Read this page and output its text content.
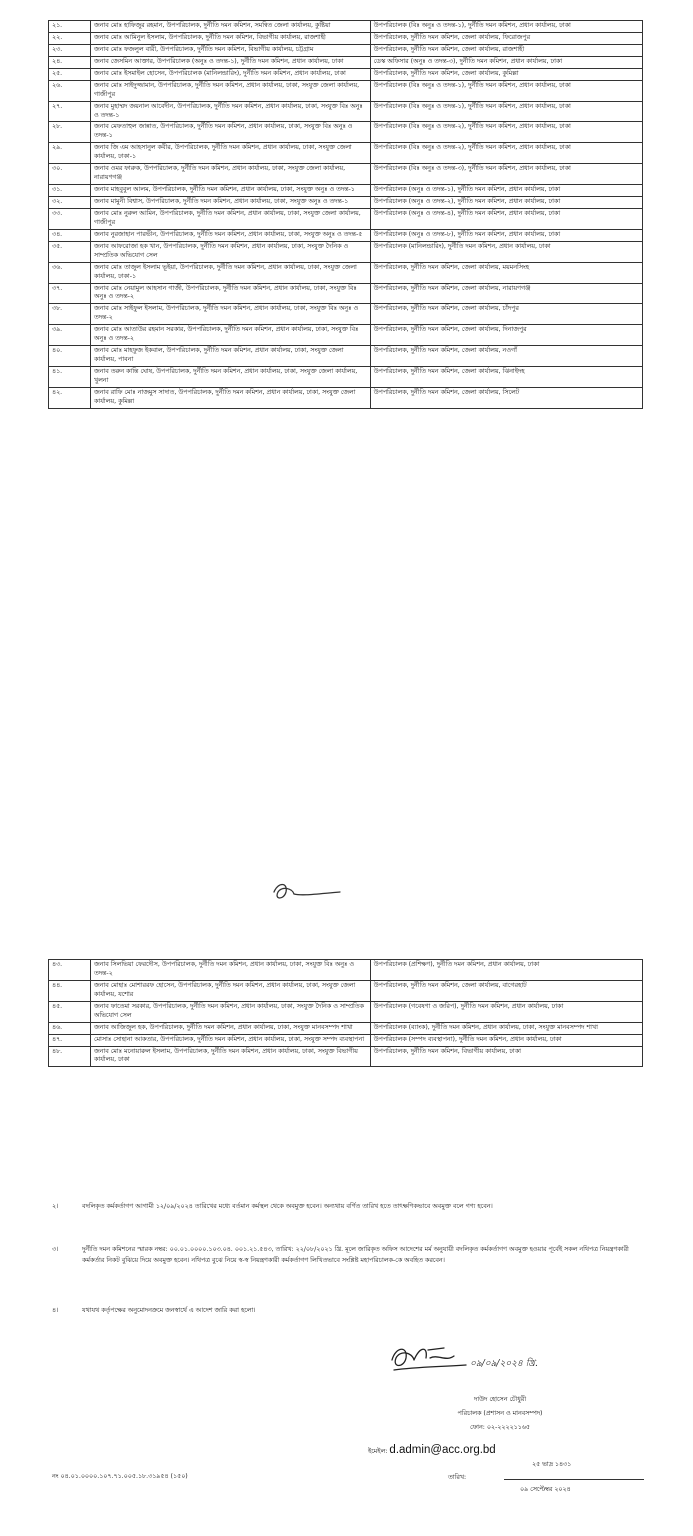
২১.	জনাব মোঃ হাফিজুর রহমান, উপপরিচালক, দুর্নীতি দমন কমিশন, সমন্বিত জেলা কার্যালয়, কুষ্টিয়া	উপপরিচালক (বিঃ অনুঃ ও তদন্ত-১), দুর্নীতি দমন কমিশন, প্রধান কার্যালয়, ঢাকা
২২.	জনাব মোঃ আমিনুল ইসলাম, উপপরিচালক, দুর্নীতি দমন কমিশন, বিভাগীয় কার্যালয়, রাজশাহী	উপপরিচালক, দুর্নীতি দমন কমিশন, জেলা কার্যালয়, ফিরোজপুর
২৩.	জনাব মোঃ ফজলুল বারী, উপপরিচালক, দুর্নীতি দমন কমিশন, বিভাগীয় কার্যালয়, চট্টগ্রাম	উপপরিচালক, দুর্নীতি দমন কমিশন, জেলা কার্যালয়, রাজশাহী
২৪.	জনাব জেসমিন আক্তার, উপপরিচালক (অনুঃ ও তদন্ত-১), দুর্নীতি দমন কমিশন, প্রধান কার্যালয়, ঢাকা	ডেস্ক অফিসার (অনুঃ ও তদন্ত-৩), দুর্নীতি দমন কমিশন, প্রধান কার্যালয়, ঢাকা
২৫.	জনাব মোঃ ইসমাইল হোসেন, উপপরিচালক (মানিলন্ডারিং), দুর্নীতি দমন কমিশন, প্রধান কার্যালয়, ঢাকা	উপপরিচালক, দুর্নীতি দমন কমিশন, জেলা কার্যালয়, কুমিল্লা
২৬.	জনাব মোঃ সাইদুজ্জামান, উপপরিচালক, দুর্নীতি দমন কমিশন, প্রধান কার্যালয়, ঢাকা, সংযুক্ত জেলা কার্যালয়, গাজীপুর	উপপরিচালক (বিঃ অনুঃ ও তদন্ত-১), দুর্নীতি দমন কমিশন, প্রধান কার্যালয়, ঢাকা
২৭.	জনাব মুহাম্মদ জয়নাল আবেদীন, উপপরিচালক, দুর্নীতি দমন কমিশন, প্রধান কার্যালয়, ঢাকা, সংযুক্ত বিঃ অনুঃ ও তদন্ত-১	উপপরিচালক (বিঃ অনুঃ ও তদন্ত-১), দুর্নীতি দমন কমিশন, প্রধান কার্যালয়, ঢাকা
২৮.	জনাব মেফতাহুল জান্নাত, উপপরিচালক, দুর্নীতি দমন কমিশন, প্রধান কার্যালয়, ঢাকা, সংযুক্ত বিঃ অনুঃ ও তদন্ত-১	উপপরিচালক (বিঃ অনুঃ ও তদন্ত-২), দুর্নীতি দমন কমিশন, প্রধান কার্যালয়, ঢাকা
২৯.	জনাব জি এম আহসানুল কবীর, উপপরিচালক, দুর্নীতি দমন কমিশন, প্রধান কার্যালয়, ঢাকা, সংযুক্ত জেলা কার্যালয়, ঢাকা-১	উপপরিচালক (বিঃ অনুঃ ও তদন্ত-২), দুর্নীতি দমন কমিশন, প্রধান কার্যালয়, ঢাকা
৩০.	জনাব ওমর ফারুক, উপপরিচালক, দুর্নীতি দমন কমিশন, প্রধান কার্যালয়, ঢাকা, সংযুক্ত জেলা কার্যালয়, নারায়ণগঞ্জ	উপপরিচালক (বিঃ অনুঃ ও তদন্ত-৩), দুর্নীতি দমন কমিশন, প্রধান কার্যালয়, ঢাকা
৩১.	জনাব মাহবুবুল আলম, উপপরিচালক, দুর্নীতি দমন কমিশন, প্রধান কার্যালয়, ঢাকা, সংযুক্ত অনুঃ ও তদন্ত-১	উপপরিচালক (অনুঃ ও তদন্ত-১), দুর্নীতি দমন কমিশন, প্রধান কার্যালয়, ঢাকা
৩২.	জনাব মামুনী বিশ্বাস, উপপরিচালক, দুর্নীতি দমন কমিশন, প্রধান কার্যালয়, ঢাকা, সংযুক্ত অনুঃ ও তদন্ত-১	উপপরিচালক (অনুঃ ও তদন্ত-২), দুর্নীতি দমন কমিশন, প্রধান কার্যালয়, ঢাকা
৩৩.	জনাব মোঃ নুরুল আমিন, উপপরিচালক, দুর্নীতি দমন কমিশন, প্রধান কার্যালয়, ঢাকা, সংযুক্ত জেলা কার্যালয়, গাজীপুর	উপপরিচালক (অনুঃ ও তদন্ত-৪), দুর্নীতি দমন কমিশন, প্রধান কার্যালয়, ঢাকা
৩৪.	জনাব নুরজাহান পারভীন, উপপরিচালক, দুর্নীতি দমন কমিশন, প্রধান কার্যালয়, ঢাকা, সংযুক্ত অনুঃ ও তদন্ত-৫	উপপরিচালক (অনুঃ ও তদন্ত-৮), দুর্নীতি দমন কমিশন, প্রধান কার্যালয়, ঢাকা
৩৫.	জনাব আফরোজা হক খান, উপপরিচালক, দুর্নীতি দমন কমিশন, প্রধান কার্যালয়, ঢাকা, সংযুক্ত দৈনিক ও সাম্প্রতিক অভিযোগ সেল	উপপরিচালক (মানিলন্ডারিং), দুর্নীতি দমন কমিশন, প্রধান কার্যালয়, ঢাকা
৩৬.	জনাব মোঃ তাজুল ইসলাম ভূইয়া, উপপরিচালক, দুর্নীতি দমন কমিশন, প্রধান কার্যালয়, ঢাকা, সংযুক্ত জেলা কার্যালয়, ঢাকা-১	উপপরিচালক, দুর্নীতি দমন কমিশন, জেলা কার্যালয়, ময়মনসিংহ
৩৭.	জনাব মোঃ নেয়ামুল আহসান গাজী, উপপরিচালক, দুর্নীতি দমন কমিশন, প্রধান কার্যালয়, ঢাকা, সংযুক্ত বিঃ অনুঃ ও তদন্ত-২	উপপরিচালক, দুর্নীতি দমন কমিশন, জেলা কার্যালয়, নারায়ণগঞ্জ
৩৮.	জনাব মোঃ সাইফুল ইসলাম, উপপরিচালক, দুর্নীতি দমন কমিশন, প্রধান কার্যালয়, ঢাকা, সংযুক্ত বিঃ অনুঃ ও তদন্ত-২	উপপরিচালক, দুর্নীতি দমন কমিশন, জেলা কার্যালয়, চাঁদপুর
৩৯.	জনাব মোঃ আতাউর রহমান সরকার, উপপরিচালক, দুর্নীতি দমন কমিশন, প্রধান কার্যালয়, ঢাকা, সংযুক্ত বিঃ অনুঃ ও তদন্ত-২	উপপরিচালক, দুর্নীতি দমন কমিশন, জেলা কার্যালয়, দিনাজপুর
৪০.	জনাব মোঃ মাহফুজ ইকবাল, উপপরিচালক, দুর্নীতি দমন কমিশন, প্রধান কার্যালয়, ঢাকা, সংযুক্ত জেলা কার্যালয়, পাবনা	উপপরিচালক, দুর্নীতি দমন কমিশন, জেলা কার্যালয়, নওগাঁ
৪১.	জনাব তরুন কান্তি ঘোষ, উপপরিচালক, দুর্নীতি দমন কমিশন, প্রধান কার্যালয়, ঢাকা, সংযুক্ত জেলা কার্যালয়, খুলনা	উপপরিচালক, দুর্নীতি দমন কমিশন, জেলা কার্যালয়, ঝিনাইদহ
৪২.	জনাব রাফি মোঃ নাজমুস সাদাত, উপপরিচালক, দুর্নীতি দমন কমিশন, প্রধান কার্যালয়, ঢাকা, সংযুক্ত জেলা কার্যালয়, কুমিল্লা	উপপরিচালক, দুর্নীতি দমন কমিশন, জেলা কার্যালয়, সিলেট
৪৩.	জনাব সিলভিয়া ফেরদৌস, উপপরিচালক, দুর্নীতি দমন কমিশন, প্রধান কার্যালয়, ঢাকা, সংযুক্ত বিঃ অনুঃ ও তদন্ত-২	উপপরিচালক (প্রশিক্ষণ), দুর্নীতি দমন কমিশন, প্রধান কার্যালয়, ঢাকা
৪৪.	জনাব মোহাঃ মোশাররফ হোসেন, উপপরিচালক, দুর্নীতি দমন কমিশন, প্রধান কার্যালয়, ঢাকা, সংযুক্ত জেলা কার্যালয়, যশোর	উপপরিচালক, দুর্নীতি দমন কমিশন, জেলা কার্যালয়, বাগেরহাট
৪৫.	জনাব ফাতেমা সরকার, উপপরিচালক, দুর্নীতি দমন কমিশন, প্রধান কার্যালয়, ঢাকা, সংযুক্ত দৈনিক ও সাম্প্রতিক অভিযোগ সেল	উপপরিচালক (গবেষণা ও জরিপ), দুর্নীতি দমন কমিশন, প্রধান কার্যালয়, ঢাকা
৪৬.	জনাব আজিজুল হক, উপপরিচালক, দুর্নীতি দমন কমিশন, প্রধান কার্যালয়, ঢাকা, সংযুক্ত মানবসম্পদ শাখা	উপপরিচালক (ব্যাংক), দুর্নীতি দমন কমিশন, প্রধান কার্যালয়, ঢাকা, সংযুক্ত মানবসম্পদ শাখা
৪৭.	মোসাঃ সোহানা আকতার, উপপরিচালক, দুর্নীতি দমন কমিশন, প্রধান কার্যালয়, ঢাকা, সংযুক্ত সম্পদ ব্যবস্থাপনা	উপপরিচালক (সম্পদ ব্যবস্থাপনা), দুর্নীতি দমন কমিশন, প্রধান কার্যালয়, ঢাকা
৪৮.	জনাব মোঃ মনোয়ারুল ইসলাম, উপপরিচালক, দুর্নীতি দমন কমিশন, প্রধান কার্যালয়, ঢাকা, সংযুক্ত বিভাগীয় কার্যালয়, ঢাকা	উপপরিচালক, দুর্নীতি দমন কমিশন, বিভাগীয় কার্যালয়, ঢাকা
২।	বদলিকৃত কর্মকর্তাগণ আগামী ১২/০৯/২০২৪ তারিখের মধ্যে বর্তমান কর্মস্থল থেকে অবমুক্ত হবেন। অন্যথায় বর্ণিত তারিখ হতে তাৎক্ষণিকভাবে অবমুক্ত বলে গণ্য হবেন।
৩।	দুর্নীতি দমন কমিশনের স্মারক নম্বর: ০০.০১.০০০০.১০৩.০৪. ০০১.২১.৫৪৩, তারিখ: ২২/০৮/২০২১ খ্রি. মূলে জারিকৃত অফিস আদেশের মর্ম অনুযায়ী বদলিকৃত কর্মকর্তাগণ অবমুক্ত হওয়ার পূর্বেই সকল নথিপত্র নিয়ন্ত্রণকারী কর্মকর্তার নিকট বুঝিয়ে দিয়ে অবমুক্ত হবেন। নথিপত্র বুঝে নিয়ে স্ব-স্ব নিয়ন্ত্রণকারী কর্মকর্তাগণ লিখিতভাবে সংশ্লিষ্ট মহাপরিচালক-কে অবহিত করবেন।
৪।	যথাযথ কর্তৃপক্ষের অনুমোদনক্রমে জনস্বার্থে এ আদেশ জারি করা হলো।
০৯/০৯/২০২৪ খ্রি.
দাউদ হোসেন চৌধুরী
পরিচালক (প্রশাসন ও মানবসম্পদ)
ফোন: ০২-২২২২১১৬৫
ইমেইল: d.admin@acc.org.bd
নং ০৪.০১.০০০০.১০৭.৭১.০০৫.১৮.৩১৯৫৪ (১৫০)	তারিখ:
২৫ ভাদ্র ১৪৩১
০৯ সেপ্টেম্বর ২০২৪
